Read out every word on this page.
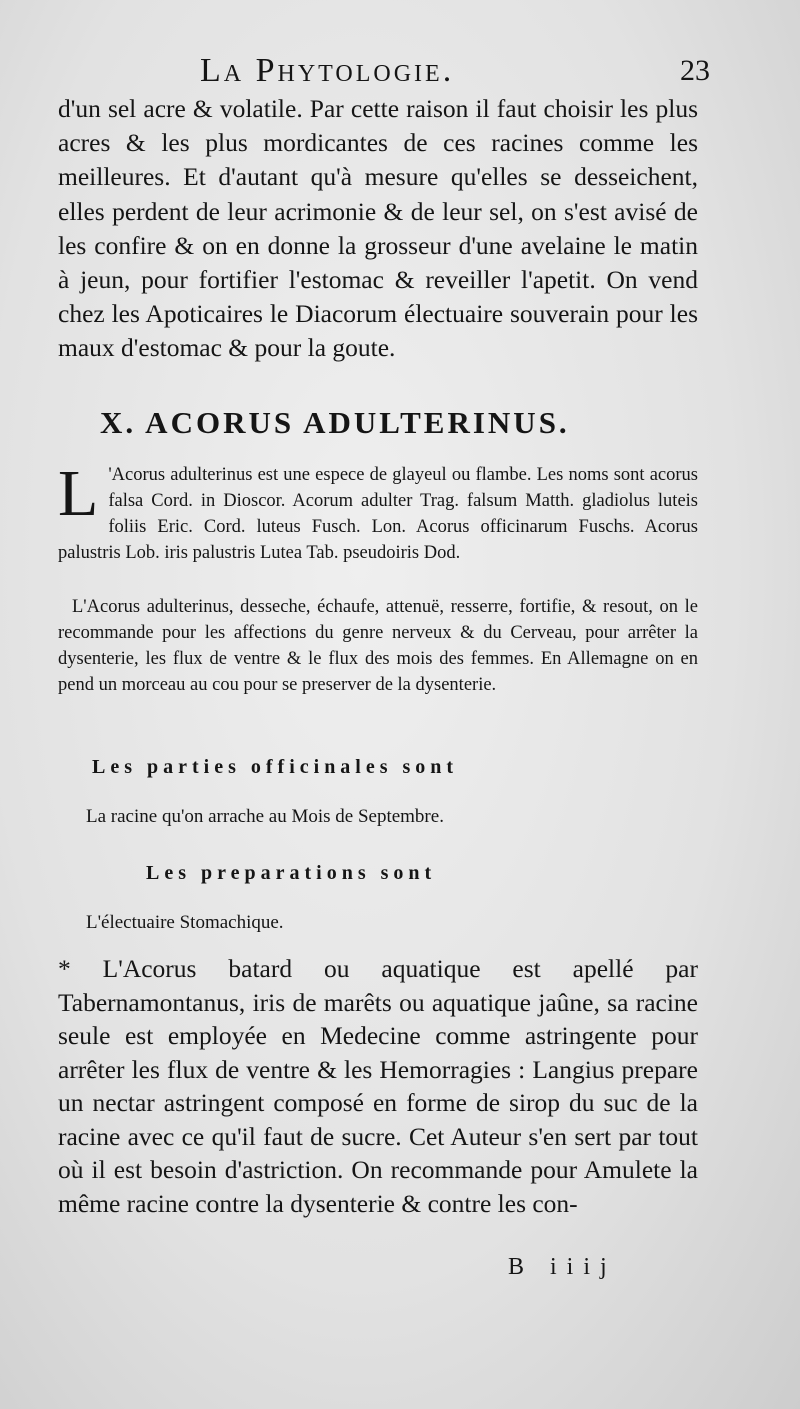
La Phytologie.	23

d'un sel acre & volatile. Par cette raison il faut choisir les plus acres & les plus mordicantes de ces racines comme les meilleures. Et d'autant qu'à mesure qu'elles se desseichent, elles perdent de leur acrimonie & de leur sel, on s'est avisé de les confire & on en donne la grosseur d'une avelaine le matin à jeun, pour fortifier l'estomac & reveiller l'apetit. On vend chez les Apoticaires le Diacorum électuaire souverain pour les maux d'estomac & pour la goute.

X. ACORUS ADULTERINUS.
L 'Acorus adulterinus est une espece de glayeul ou flambe. Les noms sont acorus falsa Cord. in Dioscor. Acorum adulter Trag. falsum Matth. gladiolus luteis foliis Eric. Cord. luteus Fusch. Lon. Acorus officinarum Fuschs. Acorus palustris Lob. iris palustris Lutea Tab. pseudoiris Dod.
L'Acorus adulterinus, desseche, échaufe, attenuë, resserre, fortifie, & resout, on le recommande pour les affections du genre nerveux & du Cerveau, pour arrêter la dysenterie, les flux de ventre & le flux des mois des femmes. En Allemagne on en pend un morceau au cou pour se preserver de la dysenterie.
Les parties officinales sont
La racine qu'on arrache au Mois de Septembre.
Les preparations sont
L'électuaire Stomachique.

* L'Acorus batard ou aquatique est apellé par Tabernamontanus, iris de marêts ou aquatique jaûne, sa racine seule est employée en Medecine comme astringente pour arrêter les flux de ventre & les Hemorragies : Langius prepare un nectar astringent composé en forme de sirop du suc de la racine avec ce qu'il faut de sucre. Cet Auteur s'en sert par tout où il est besoin d'astriction. On recommande pour Amulete la même racine contre la dysenterie & contre les con-

B iiij
